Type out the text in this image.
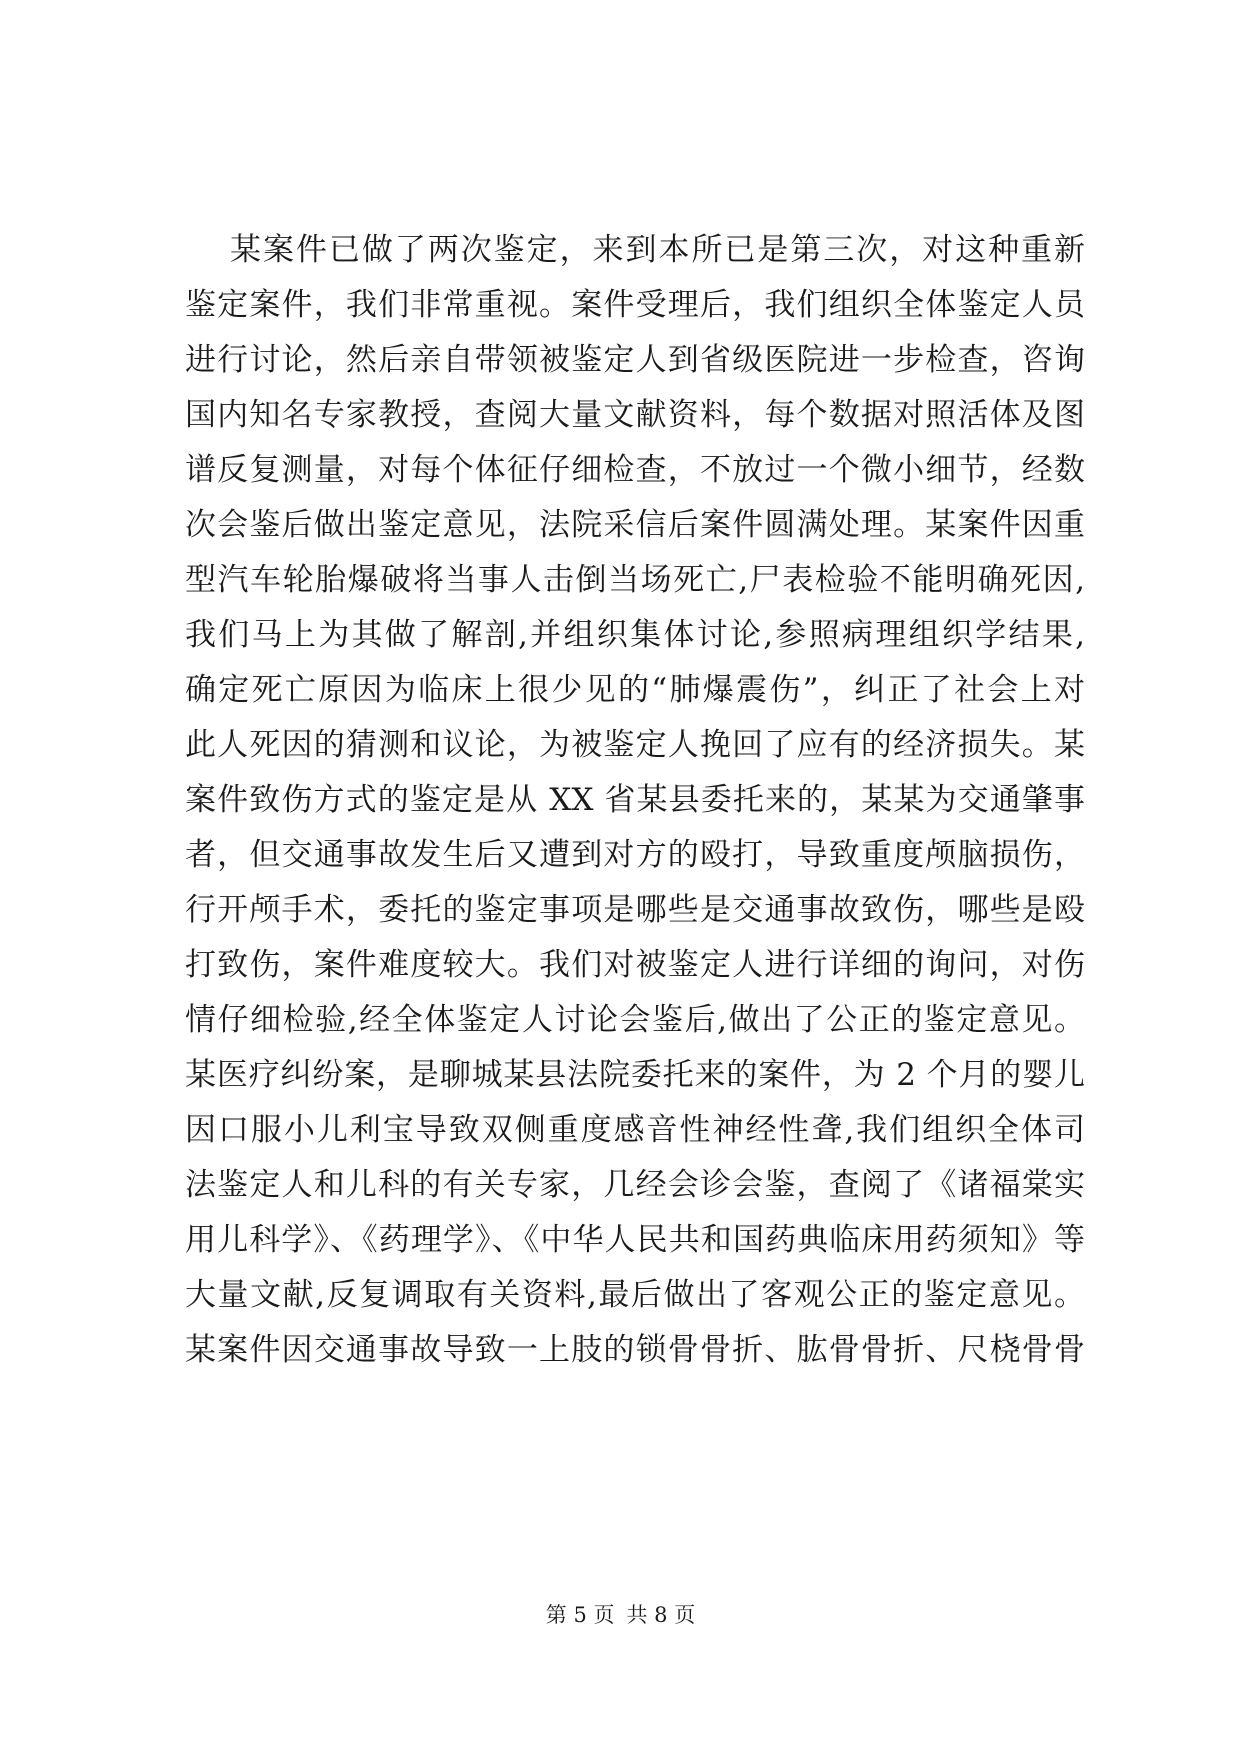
某案件已做了两次鉴定，来到本所已是第三次，对这种重新
鉴定案件，我们非常重视。案件受理后，我们组织全体鉴定人员
进行讨论，然后亲自带领被鉴定人到省级医院进一步检查，咨询
国内知名专家教授，查阅大量文献资料，每个数据对照活体及图
谱反复测量，对每个体征仔细检查，不放过一个微小细节，经数
次会鉴后做出鉴定意见，法院采信后案件圆满处理。某案件因重
型汽车轮胎爆破将当事人击倒当场死亡,尸表检验不能明确死因,
我们马上为其做了解剖,并组织集体讨论,参照病理组织学结果,
确定死亡原因为临床上很少见的“肺爆震伤”，纠正了社会上对
此人死因的猜测和议论，为被鉴定人挽回了应有的经济损失。某
案件致伤方式的鉴定是从 XX 省某县委托来的，某某为交通肇事
者，但交通事故发生后又遭到对方的殴打，导致重度颅脑损伤，
行开颅手术，委托的鉴定事项是哪些是交通事故致伤，哪些是殴
打致伤，案件难度较大。我们对被鉴定人进行详细的询问，对伤
情仔细检验,经全体鉴定人讨论会鉴后,做出了公正的鉴定意见。
某医疗纠纷案，是聊城某县法院委托来的案件，为 2 个月的婴儿
因口服小儿利宝导致双侧重度感音性神经性聋,我们组织全体司
法鉴定人和儿科的有关专家，几经会诊会鉴，查阅了《诸福棠实
用儿科学》、《药理学》、《中华人民共和国药典临床用药须知》等
大量文献,反复调取有关资料,最后做出了客观公正的鉴定意见。
某案件因交通事故导致一上肢的锁骨骨折、肱骨骨折、尺桡骨骨
第 5 页 共 8 页
